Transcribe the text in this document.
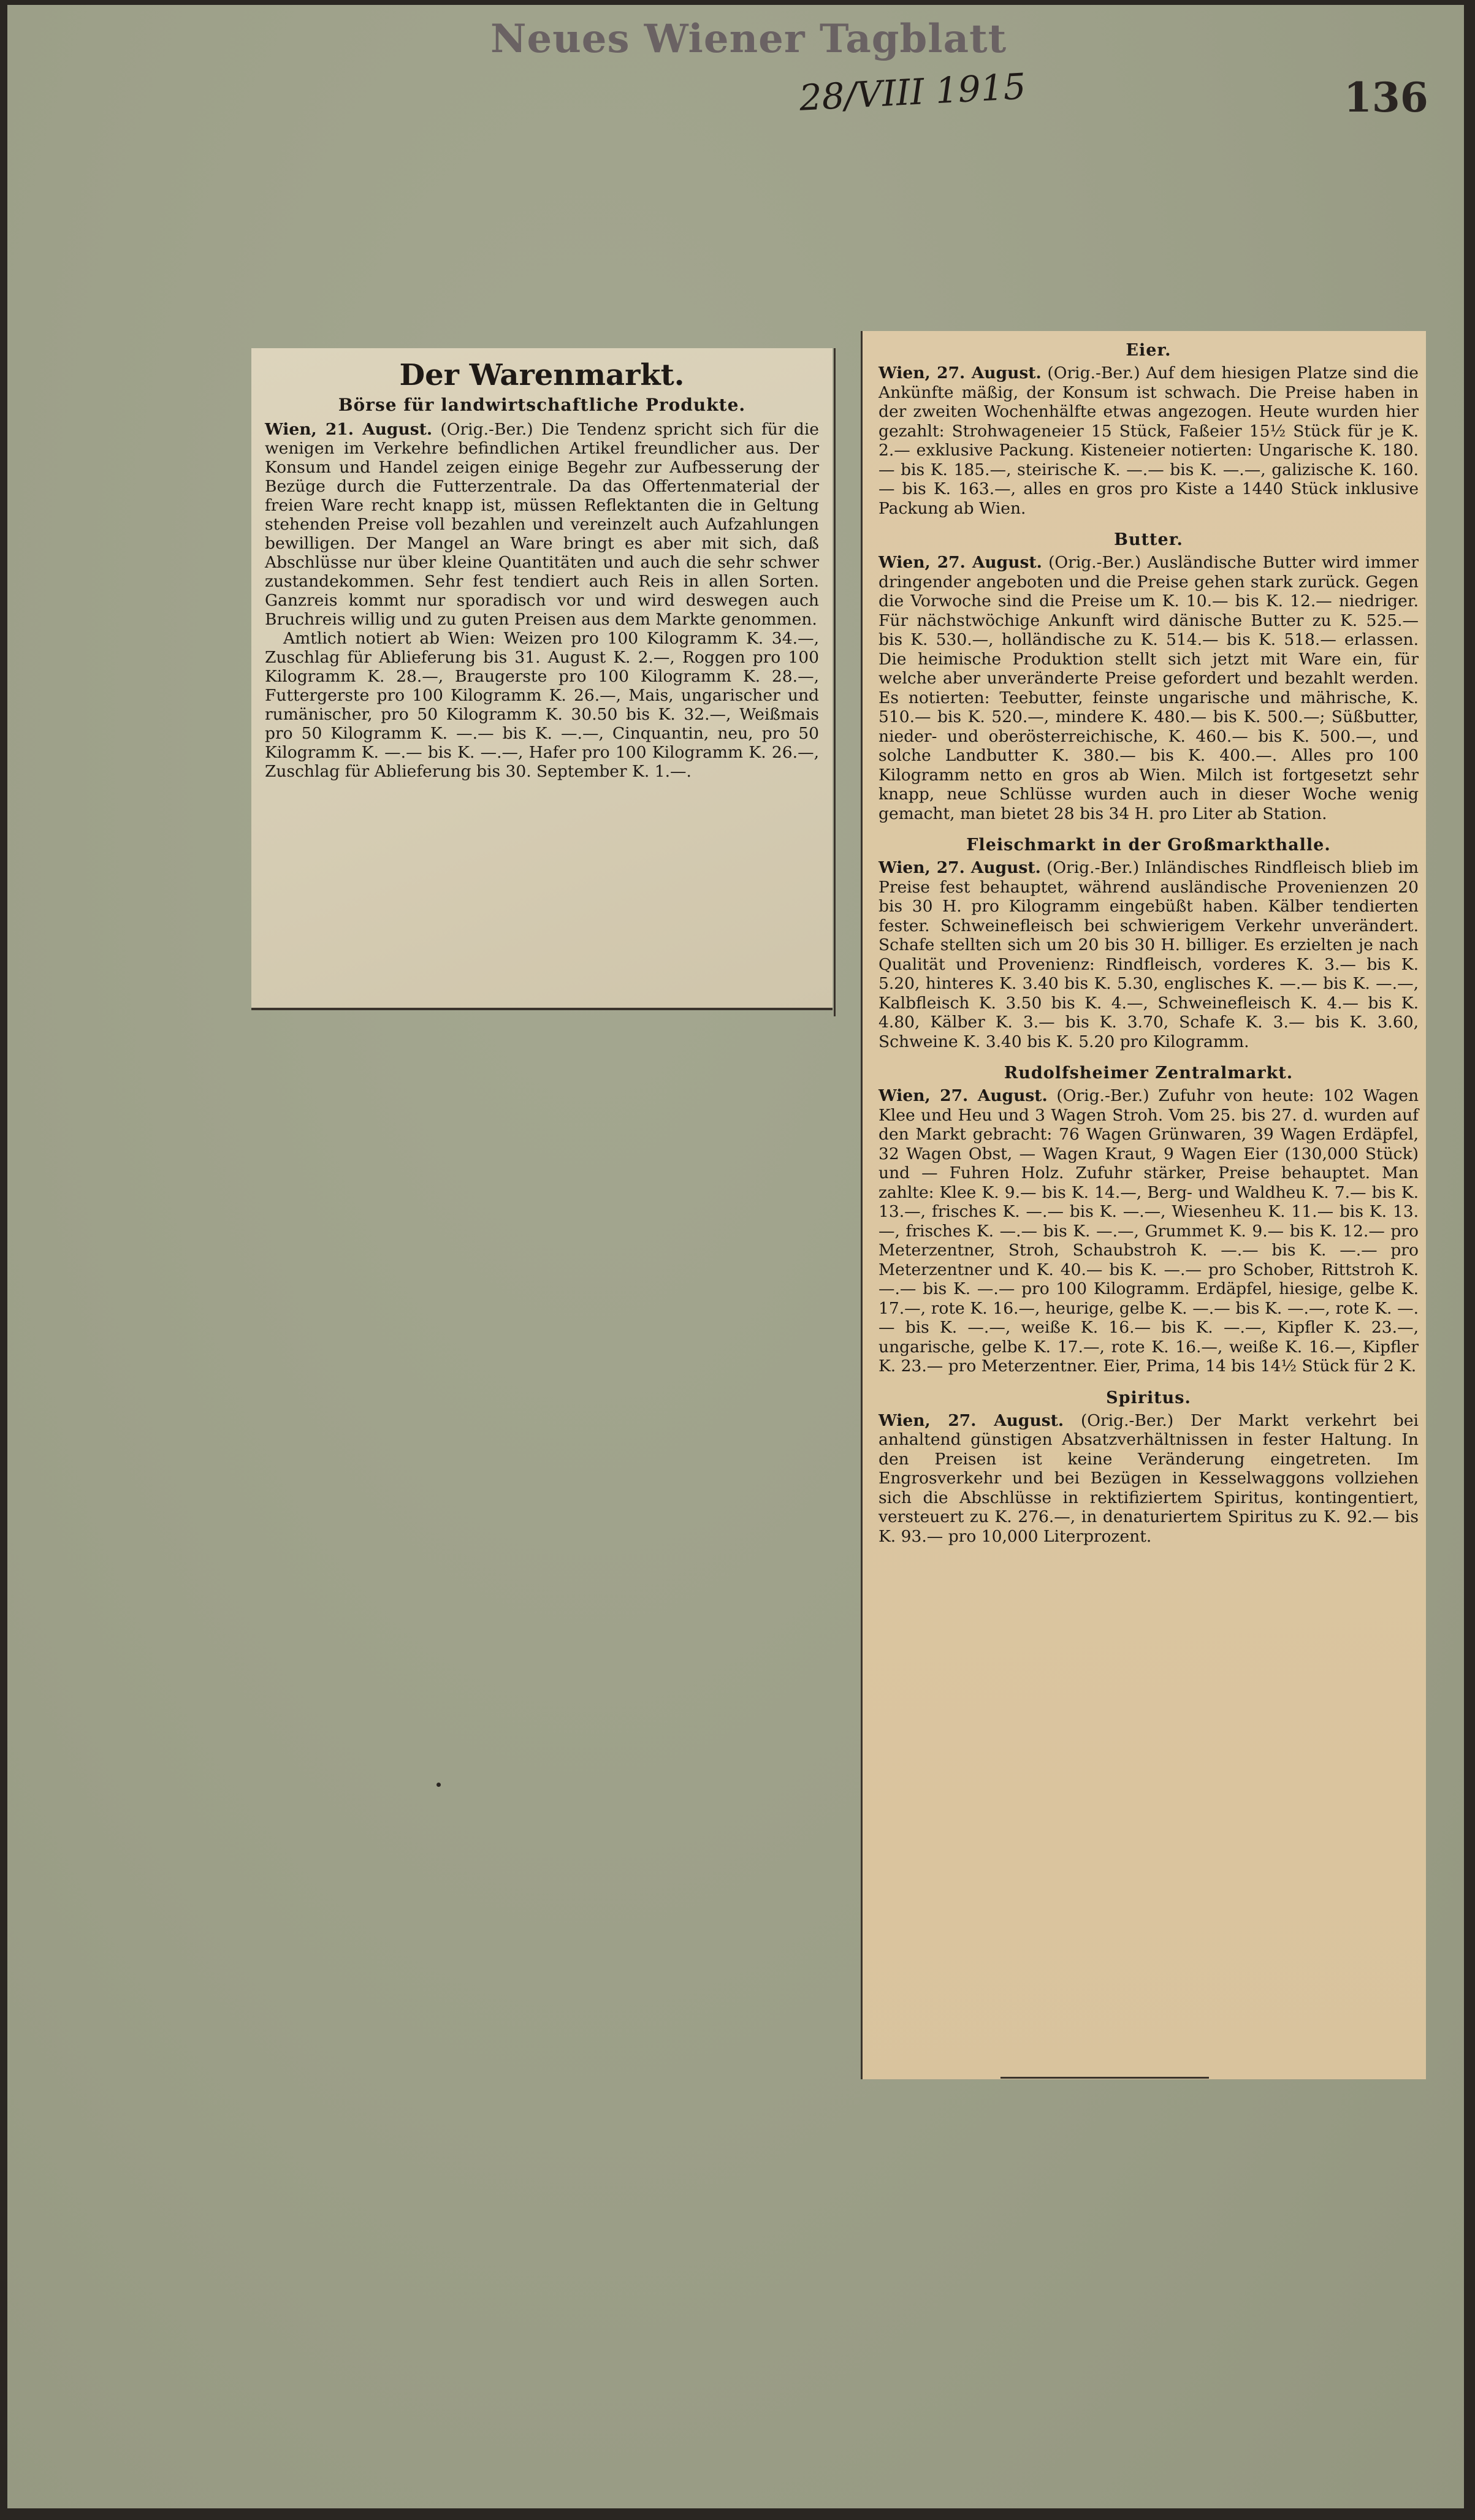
Neues Wiener Tagblatt
28/VIII 1915	136
Der Warenmarkt.
Börse für landwirtschaftliche Produkte.

Wien, 21. August. (Orig.-Ber.) Die Tendenz spricht sich für die wenigen im Verkehre befindlichen Artikel freundlicher aus. Der Konsum und Handel zeigen einige Begehr zur Aufbesserung der Bezüge durch die Futterzentrale. Da das Offertenmaterial der freien Ware recht knapp ist, müssen Reflektanten die in Geltung stehenden Preise voll bezahlen und vereinzelt auch Aufzahlungen bewilligen. Der Mangel an Ware bringt es aber mit sich, daß Abschlüsse nur über kleine Quantitäten und auch die sehr schwer zustandekommen. Sehr fest tendiert auch Reis in allen Sorten. Ganzreis kommt nur sporadisch vor und wird deswegen auch Bruchreis willig und zu guten Preisen aus dem Markte genommen.

Amtlich notiert ab Wien: Weizen pro 100 Kilogramm K. 34.—, Zuschlag für Ablieferung bis 31. August K. 2.—, Roggen pro 100 Kilogramm K. 28.—, Braugerste pro 100 Kilogramm K. 28.—, Futtergerste pro 100 Kilogramm K. 26.—, Mais, ungarischer und rumänischer, pro 50 Kilogramm K. 30.50 bis K. 32.—, Weißmais pro 50 Kilogramm K. —.— bis K. —.—, Cinquantin, neu, pro 50 Kilogramm K. —.— bis K. —.—, Hafer pro 100 Kilogramm K. 26.—, Zuschlag für Ablieferung bis 30. September K. 1.—.

Eier.

Wien, 27. August. (Orig.-Ber.) Auf dem hiesigen Platze sind die Ankünfte mäßig, der Konsum ist schwach. Die Preise haben in der zweiten Wochenhälfte etwas angezogen. Heute wurden hier gezahlt: Strohwageneier 15 Stück, Faßeier 15½ Stück für je K. 2.— exklusive Packung. Kisteneier notierten: Ungarische K. 180.— bis K. 185.—, steirische K. —.— bis K. —.—, galizische K. 160.— bis K. 163.—, alles en gros pro Kiste a 1440 Stück inklusive Packung ab Wien.

Butter.

Wien, 27. August. (Orig.-Ber.) Ausländische Butter wird immer dringender angeboten und die Preise gehen stark zurück. Gegen die Vorwoche sind die Preise um K. 10.— bis K. 12.— niedriger. Für nächstwöchige Ankunft wird dänische Butter zu K. 525.— bis K. 530.—, holländische zu K. 514.— bis K. 518.— erlassen. Die heimische Produktion stellt sich jetzt mit Ware ein, für welche aber unveränderte Preise gefordert und bezahlt werden. Es notierten: Teebutter, feinste ungarische und mährische, K. 510.— bis K. 520.—, mindere K. 480.— bis K. 500.—; Süßbutter, nieder- und oberösterreichische, K. 460.— bis K. 500.—, und solche Landbutter K. 380.— bis K. 400.—. Alles pro 100 Kilogramm netto en gros ab Wien. Milch ist fortgesetzt sehr knapp, neue Schlüsse wurden auch in dieser Woche wenig gemacht, man bietet 28 bis 34 H. pro Liter ab Station.

Fleischmarkt in der Großmarkthalle.

Wien, 27. August. (Orig.-Ber.) Inländisches Rindfleisch blieb im Preise fest behauptet, während ausländische Provenienzen 20 bis 30 H. pro Kilogramm eingebüßt haben. Kälber tendierten fester. Schweinefleisch bei schwierigem Verkehr unverändert. Schafe stellten sich um 20 bis 30 H. billiger. Es erzielten je nach Qualität und Provenienz: Rindfleisch, vorderes K. 3.— bis K. 5.20, hinteres K. 3.40 bis K. 5.30, englisches K. —.— bis K. —.—, Kalbfleisch K. 3.50 bis K. 4.—, Schweinefleisch K. 4.— bis K. 4.80, Kälber K. 3.— bis K. 3.70, Schafe K. 3.— bis K. 3.60, Schweine K. 3.40 bis K. 5.20 pro Kilogramm.

Rudolfsheimer Zentralmarkt.

Wien, 27. August. (Orig.-Ber.) Zufuhr von heute: 102 Wagen Klee und Heu und 3 Wagen Stroh. Vom 25. bis 27. d. wurden auf den Markt gebracht: 76 Wagen Grünwaren, 39 Wagen Erdäpfel, 32 Wagen Obst, — Wagen Kraut, 9 Wagen Eier (130,000 Stück) und — Fuhren Holz. Zufuhr stärker, Preise behauptet. Man zahlte: Klee K. 9.— bis K. 14.—, Berg- und Waldheu K. 7.— bis K. 13.—, frisches K. —.— bis K. —.—, Wiesenheu K. 11.— bis K. 13.—, frisches K. —.— bis K. —.—, Grummet K. 9.— bis K. 12.— pro Meterzentner, Stroh, Schaubstroh K. —.— bis K. —.— pro Meterzentner und K. 40.— bis K. —.— pro Schober, Rittstroh K. —.— bis K. —.— pro 100 Kilogramm. Erdäpfel, hiesige, gelbe K. 17.—, rote K. 16.—, heurige, gelbe K. —.— bis K. —.—, rote K. —.— bis K. —.—, weiße K. 16.— bis K. —.—, Kipfler K. 23.—, ungarische, gelbe K. 17.—, rote K. 16.—, weiße K. 16.—, Kipfler K. 23.— pro Meterzentner. Eier, Prima, 14 bis 14½ Stück für 2 K.

Spiritus.

Wien, 27. August. (Orig.-Ber.) Der Markt verkehrt bei anhaltend günstigen Absatzverhältnissen in fester Haltung. In den Preisen ist keine Veränderung eingetreten. Im Engrosverkehr und bei Bezügen in Kesselwaggons vollziehen sich die Abschlüsse in rektifiziertem Spiritus, kontingentiert, versteuert zu K. 276.—, in denaturiertem Spiritus zu K. 92.— bis K. 93.— pro 10,000 Literprozent.
